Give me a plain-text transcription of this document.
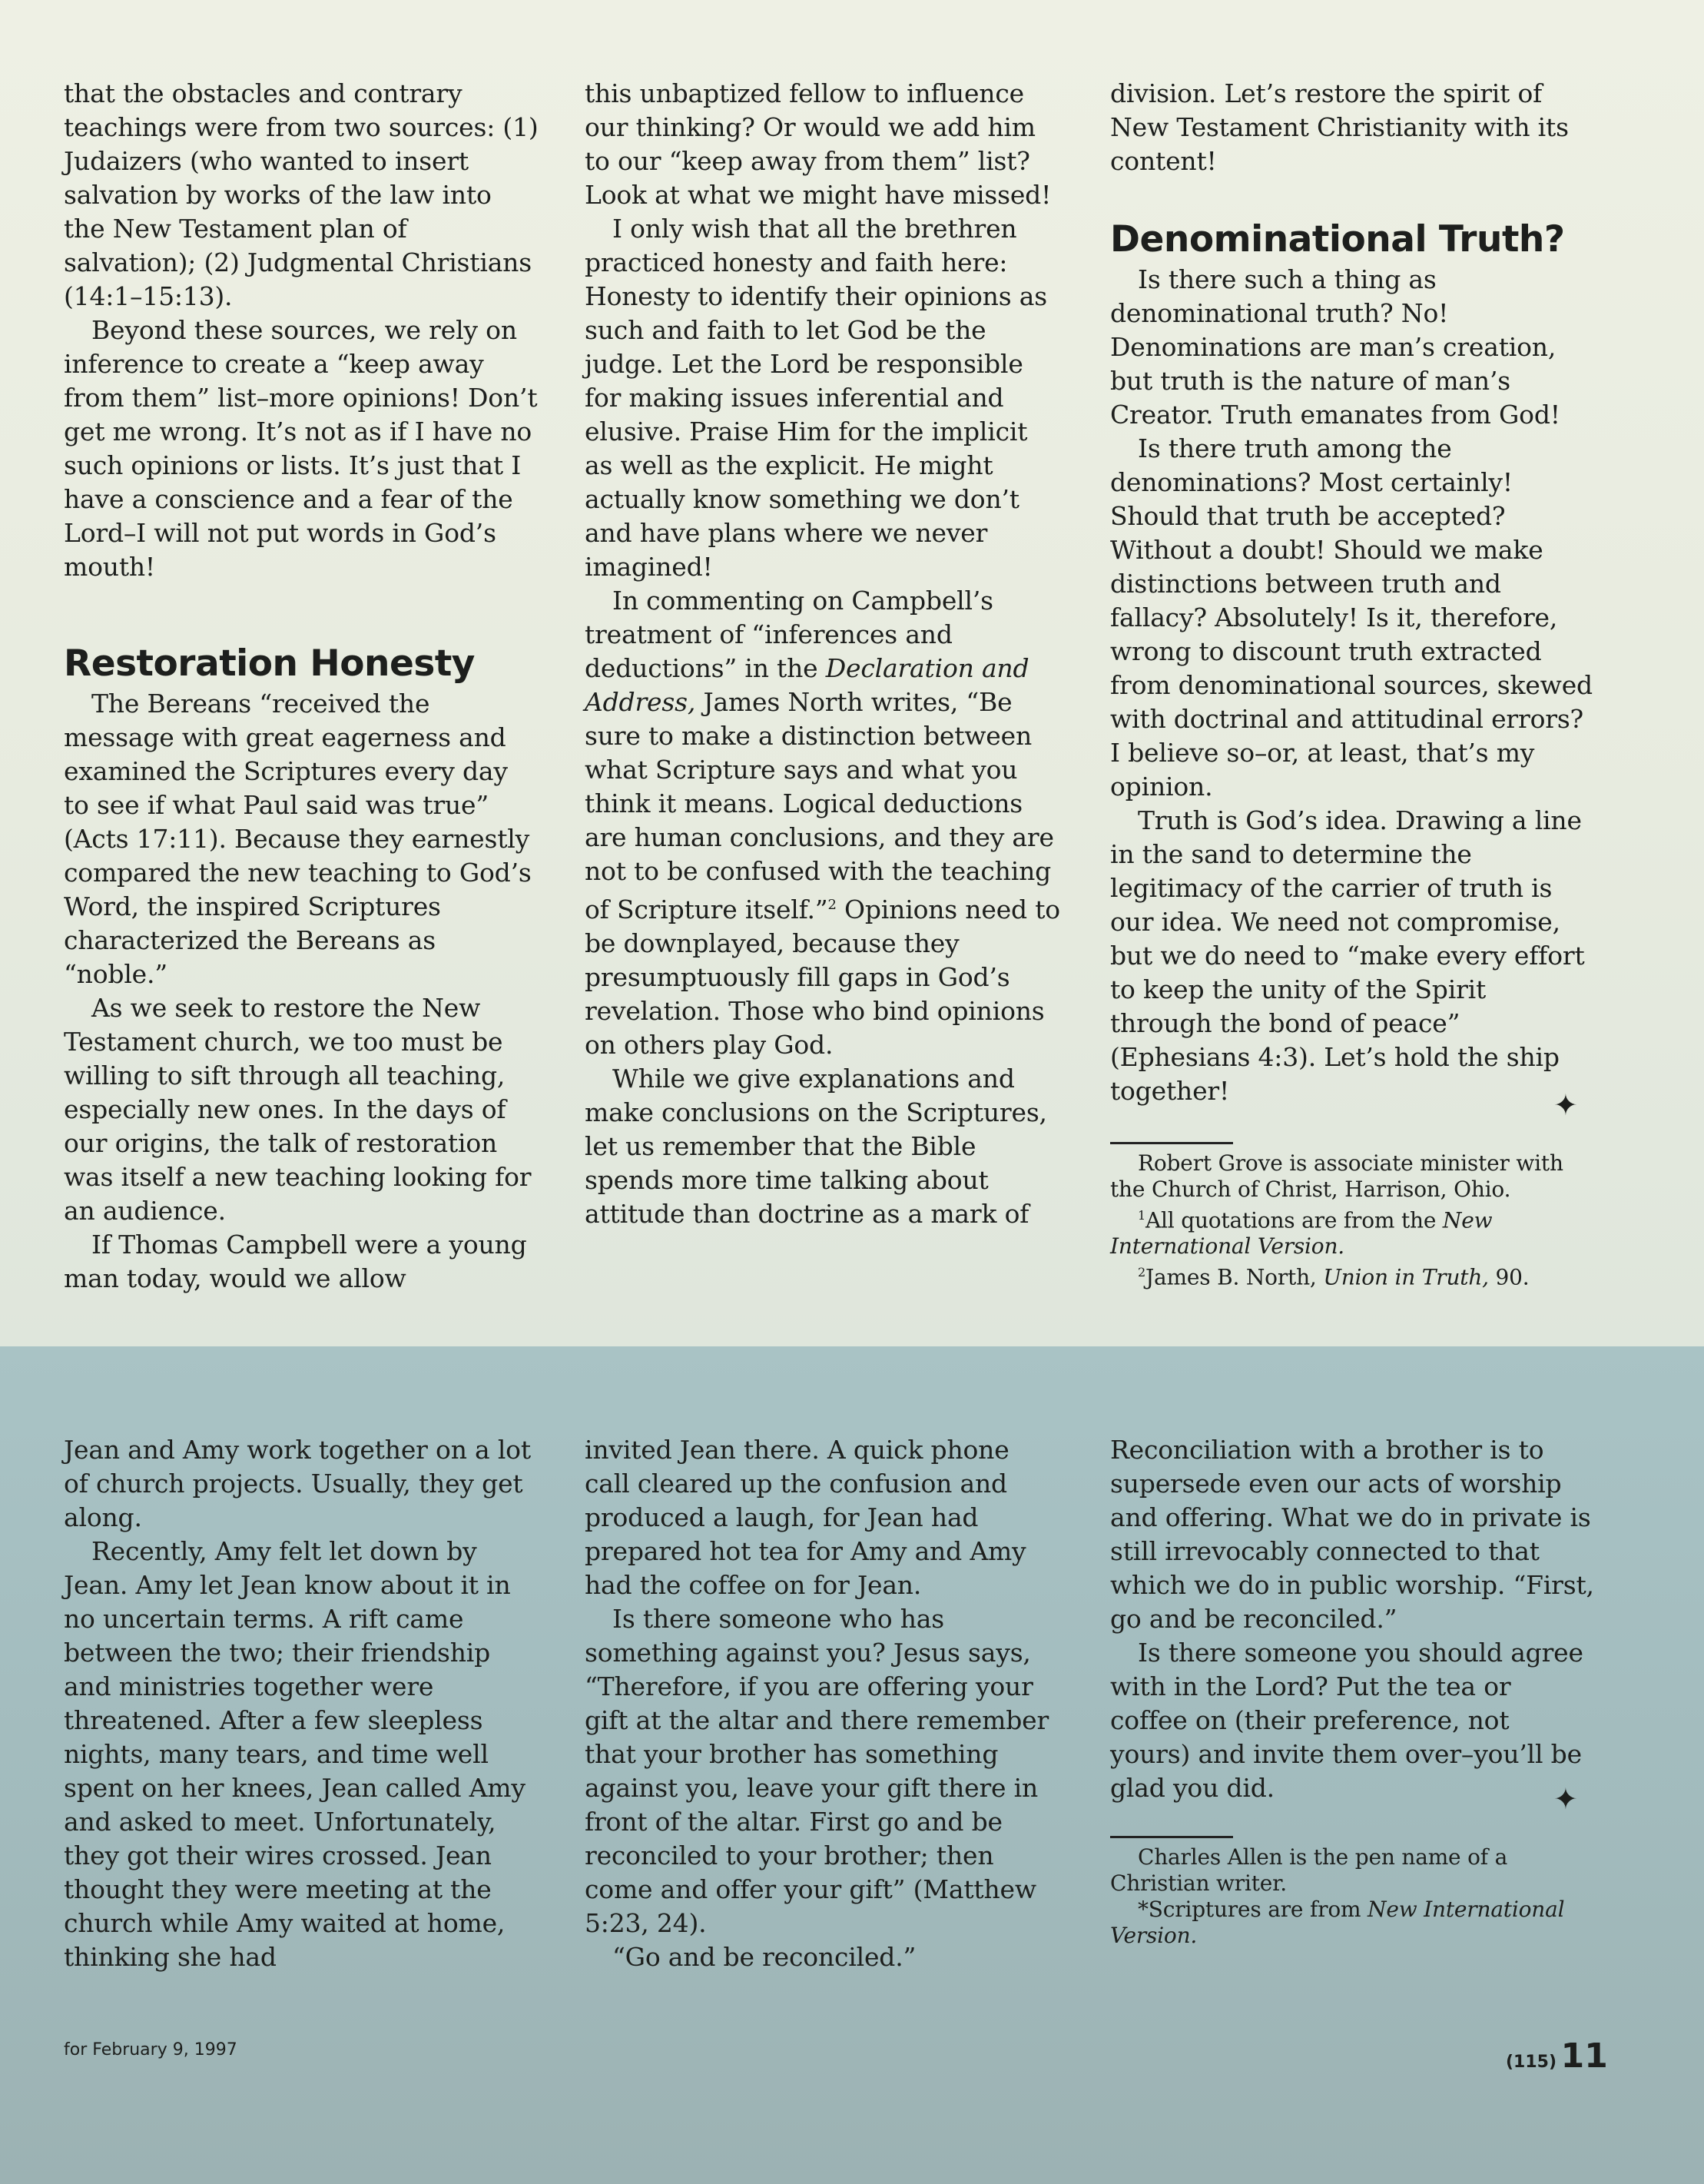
that the obstacles and contrary teachings were from two sources: (1) Judaizers (who wanted to insert salvation by works of the law into the New Testament plan of salvation); (2) Judgmental Christians (14:1–15:13).

Beyond these sources, we rely on inference to create a “keep away from them” list–more opinions! Don’t get me wrong. It’s not as if I have no such opinions or lists. It’s just that I have a conscience and a fear of the Lord–I will not put words in God’s mouth!

Restoration Honesty

The Bereans “received the message with great eagerness and examined the Scriptures every day to see if what Paul said was true” (Acts 17:11). Because they earnestly compared the new teaching to God’s Word, the inspired Scriptures characterized the Bereans as “noble.”

As we seek to restore the New Testament church, we too must be willing to sift through all teaching, especially new ones. In the days of our origins, the talk of restoration was itself a new teaching looking for an audience.

If Thomas Campbell were a young man today, would we allow

this unbaptized fellow to influence our thinking? Or would we add him to our “keep away from them” list? Look at what we might have missed!

I only wish that all the brethren practiced honesty and faith here: Honesty to identify their opinions as such and faith to let God be the judge. Let the Lord be responsible for making issues inferential and elusive. Praise Him for the implicit as well as the explicit. He might actually know something we don’t and have plans where we never imagined!

In commenting on Campbell’s treatment of “inferences and deductions” in the Declaration and Address, James North writes, “Be sure to make a distinction between what Scripture says and what you think it means. Logical deductions are human conclusions, and they are not to be confused with the teaching of Scripture itself.”$^2$ Opinions need to be downplayed, because they presumptuously fill gaps in God’s revelation. Those who bind opinions on others play God.

While we give explanations and make conclusions on the Scriptures, let us remember that the Bible spends more time talking about attitude than doctrine as a mark of

division. Let’s restore the spirit of New Testament Christianity with its content!

Denominational Truth?

Is there such a thing as denominational truth? No! Denominations are man’s creation, but truth is the nature of man’s Creator. Truth emanates from God!

Is there truth among the denominations? Most certainly! Should that truth be accepted? Without a doubt! Should we make distinctions between truth and fallacy? Absolutely! Is it, therefore, wrong to discount truth extracted from denominational sources, skewed with doctrinal and attitudinal errors? I believe so–or, at least, that’s my opinion.

Truth is God’s idea. Drawing a line in the sand to determine the legitimacy of the carrier of truth is our idea. We need not compromise, but we do need to “make every effort to keep the unity of the Spirit through the bond of peace” (Ephesians 4:3). Let’s hold the ship together!

Robert Grove is associate minister with the Church of Christ, Harrison, Ohio.

$^1$All quotations are from the New International Version.

$^2$James B. North, Union in Truth, 90.

✦

Jean and Amy work together on a lot of church projects. Usually, they get along.

Recently, Amy felt let down by Jean. Amy let Jean know about it in no uncertain terms. A rift came between the two; their friendship and ministries together were threatened. After a few sleepless nights, many tears, and time well spent on her knees, Jean called Amy and asked to meet. Unfortunately, they got their wires crossed. Jean thought they were meeting at the church while Amy waited at home, thinking she had

invited Jean there. A quick phone call cleared up the confusion and produced a laugh, for Jean had prepared hot tea for Amy and Amy had the coffee on for Jean.

Is there someone who has something against you? Jesus says, “Therefore, if you are offering your gift at the altar and there remember that your brother has something against you, leave your gift there in front of the altar. First go and be reconciled to your brother; then come and offer your gift” (Matthew 5:23, 24).

“Go and be reconciled.”

Reconciliation with a brother is to supersede even our acts of worship and offering. What we do in private is still irrevocably connected to that which we do in public worship. “First, go and be reconciled.”

Is there someone you should agree with in the Lord? Put the tea or coffee on (their preference, not yours) and invite them over–you’ll be glad you did.

Charles Allen is the pen name of a Christian writer.

*Scriptures are from New International Version.

✦
for February 9, 1997
(115) 11
